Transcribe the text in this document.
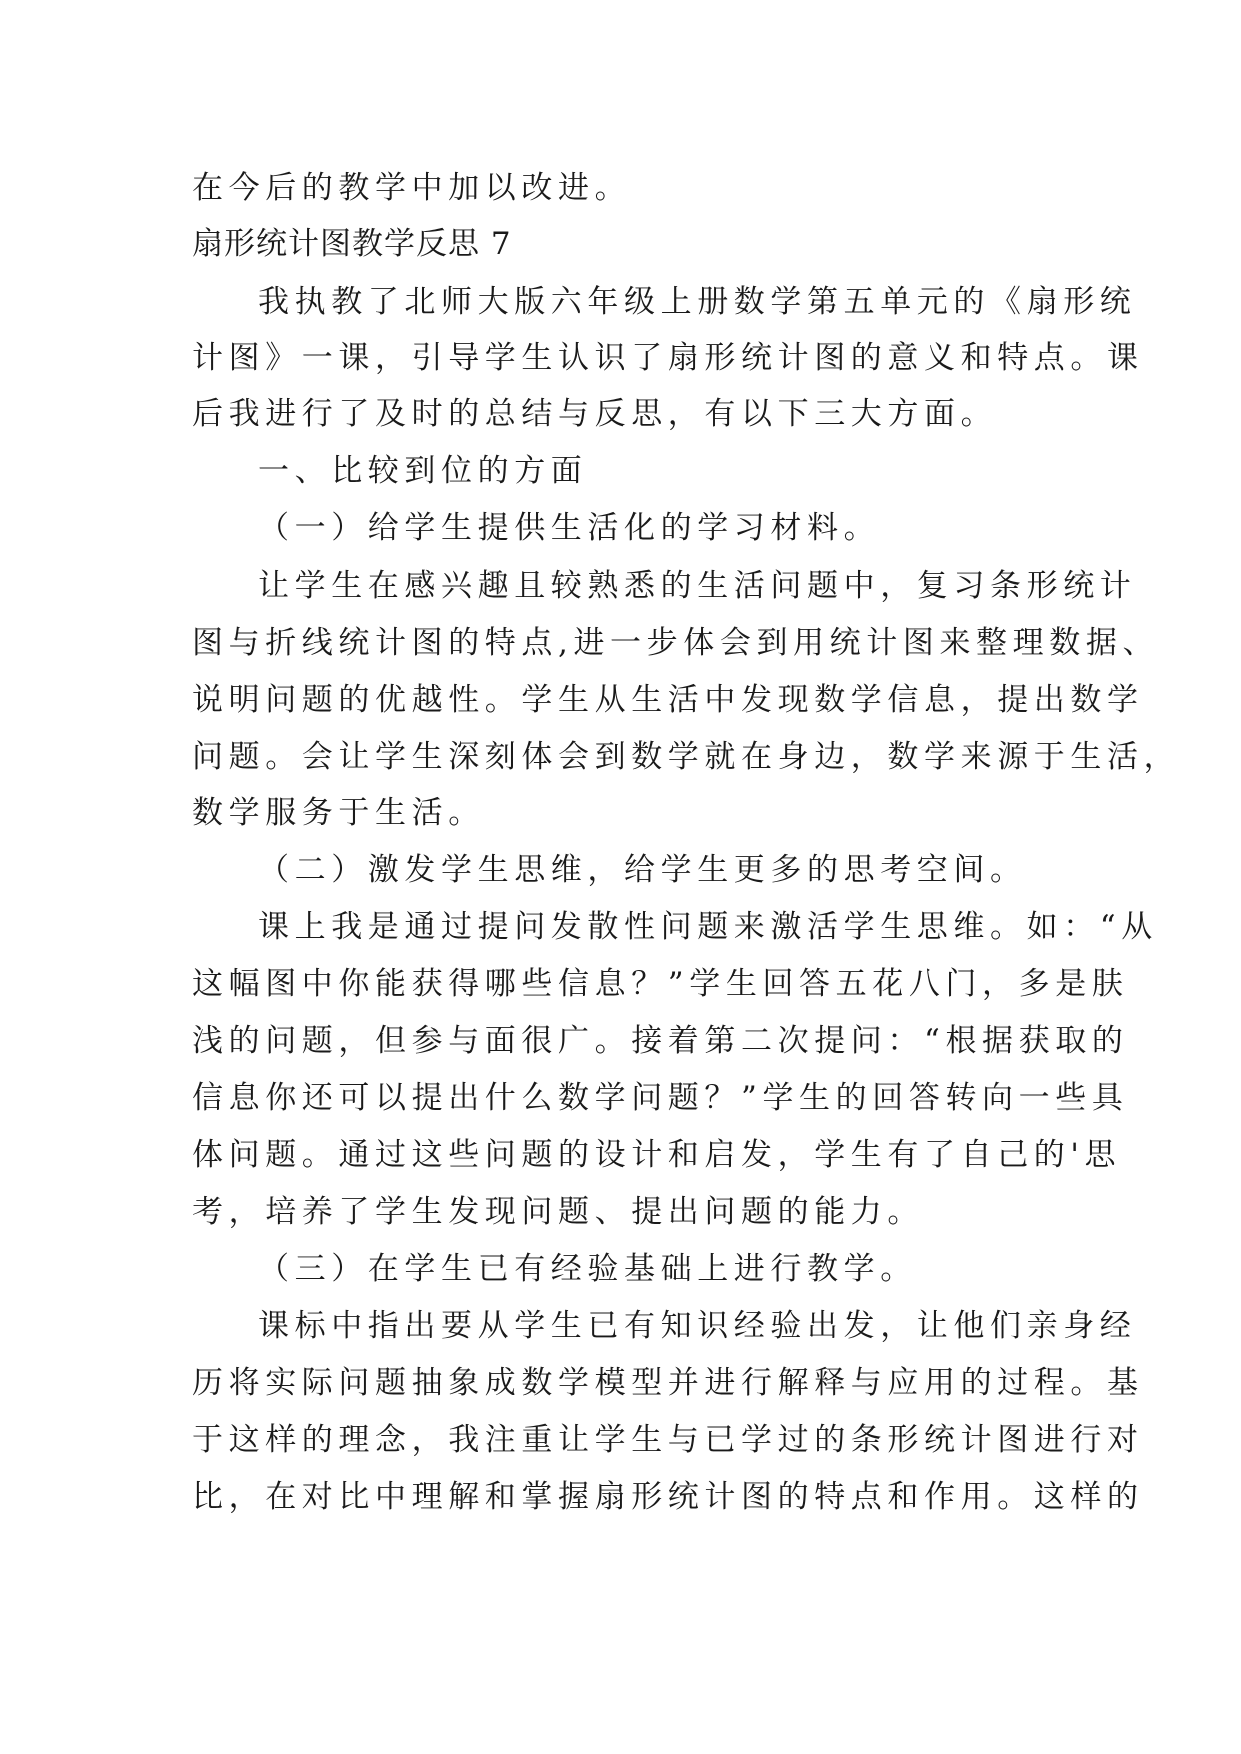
在今后的教学中加以改进。
扇形统计图教学反思 7
我执教了北师大版六年级上册数学第五单元的《扇形统
计图》一课，引导学生认识了扇形统计图的意义和特点。课
后我进行了及时的总结与反思，有以下三大方面。
一、比较到位的方面
（一）给学生提供生活化的学习材料。
让学生在感兴趣且较熟悉的生活问题中，复习条形统计
图与折线统计图的特点,进一步体会到用统计图来整理数据、
说明问题的优越性。学生从生活中发现数学信息，提出数学
问题。会让学生深刻体会到数学就在身边，数学来源于生活，
数学服务于生活。
（二）激发学生思维，给学生更多的思考空间。
课上我是通过提问发散性问题来激活学生思维。如：“从
这幅图中你能获得哪些信息？”学生回答五花八门，多是肤
浅的问题，但参与面很广。接着第二次提问：“根据获取的
信息你还可以提出什么数学问题？”学生的回答转向一些具
体问题。通过这些问题的设计和启发，学生有了自己的'思
考，培养了学生发现问题、提出问题的能力。
（三）在学生已有经验基础上进行教学。
课标中指出要从学生已有知识经验出发，让他们亲身经
历将实际问题抽象成数学模型并进行解释与应用的过程。基
于这样的理念，我注重让学生与已学过的条形统计图进行对
比，在对比中理解和掌握扇形统计图的特点和作用。这样的
